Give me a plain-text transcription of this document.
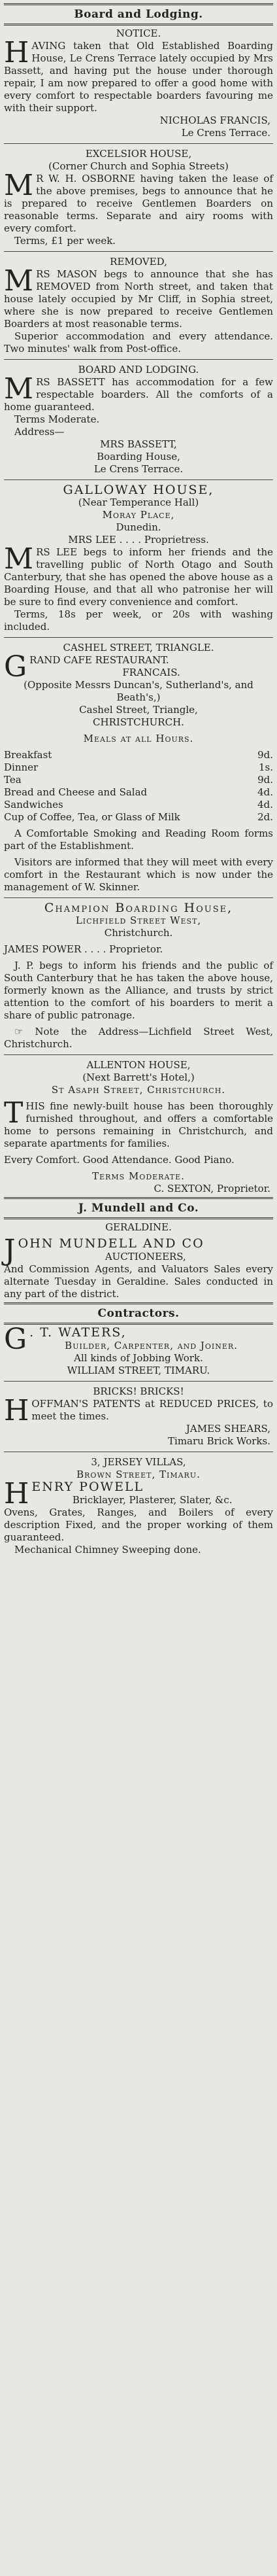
Board and Lodging.
NOTICE.

HAVING taken that Old Established Boarding House, Le Crens Terrace lately occupied by Mrs Bassett, and having put the house under thorough repair, I am now prepared to offer a good home with every comfort to respectable boarders favouring me with their support.

NICHOLAS FRANCIS,
Le Crens Terrace.
EXCELSIOR HOUSE,
(Corner Church and Sophia Streets)

M R W. H. OSBORNE having taken the lease of the above premises, begs to announce that he is prepared to receive Gentlemen Boarders on reasonable terms. Separate and airy rooms with every comfort.

Terms, £1 per week.

REMOVED,

MRS MASON begs to announce that she has REMOVED from North street, and taken that house lately occupied by Mr Cliff, in Sophia street, where she is now prepared to receive Gentlemen Boarders at most reasonable terms.

Superior accommodation and every attendance. Two minutes' walk from Post-office.

BOARD AND LODGING.

MRS BASSETT has accommodation for a few respectable boarders. All the comforts of a home guaranteed.

Terms Moderate.

Address—

MRS BASSETT,
Boarding House,
Le Crens Terrace.
GALLOWAY HOUSE,
(Near Temperance Hall)
Moray Place,
Dunedin.
MRS LEE . . . . Proprietress.

MRS LEE begs to inform her friends and the travelling public of North Otago and South Canterbury, that she has opened the above house as a Boarding House, and that all who patronise her will be sure to find every convenience and comfort.

Terms, 18s per week, or 20s with washing included.

CASHEL STREET, TRIANGLE.
GRAND CAFE RESTAURANT.
FRANCAIS.
(Opposite Messrs Duncan's, Sutherland's, and Beath's,)
Cashel Street, Triangle,
CHRISTCHURCH.
Meals at all Hours.
Breakfast	9d.
Dinner	1s.
Tea	9d.
Bread and Cheese and Salad	4d.
Sandwiches	4d.
Cup of Coffee, Tea, or Glass of Milk	2d.

A Comfortable Smoking and Reading Room forms part of the Establishment.

Visitors are informed that they will meet with every comfort in the Restaurant which is now under the management of W. Skinner.

Champion Boarding House,
Lichfield Street West,
Christchurch.
JAMES POWER . . . . Proprietor.

J. P. begs to inform his friends and the public of South Canterbury that he has taken the above house, formerly known as the Alliance, and trusts by strict attention to the comfort of his boarders to merit a share of public patronage.

☞ Note the Address—Lichfield Street West, Christchurch.

ALLENTON HOUSE,
(Next Barrett's Hotel,)
St Asaph Street, Christchurch.

THIS fine newly-built house has been thoroughly furnished throughout, and offers a comfortable home to persons remaining in Christchurch, and separate apartments for families.

Every Comfort. Good Attendance. Good Piano.

Terms Moderate.
C. SEXTON, Proprietor.
J. Mundell and Co.
GERALDINE.
JOHN MUNDELL AND CO
AUCTIONEERS,

And Commission Agents, and Valuators Sales every alternate Tuesday in Geraldine. Sales conducted in any part of the district.

Contractors.
G . T. WATERS,
Builder, Carpenter, and Joiner.
All kinds of Jobbing Work.
WILLIAM STREET, TIMARU.
BRICKS! BRICKS!

HOFFMAN'S PATENTS at REDUCED PRICES, to meet the times.

JAMES SHEARS,
Timaru Brick Works.
3, JERSEY VILLAS,
Brown Street, Timaru.
HENRY POWELL
Bricklayer, Plasterer, Slater, &c.

Ovens, Grates, Ranges, and Boilers of every description Fixed, and the proper working of them guaranteed.

Mechanical Chimney Sweeping done.
